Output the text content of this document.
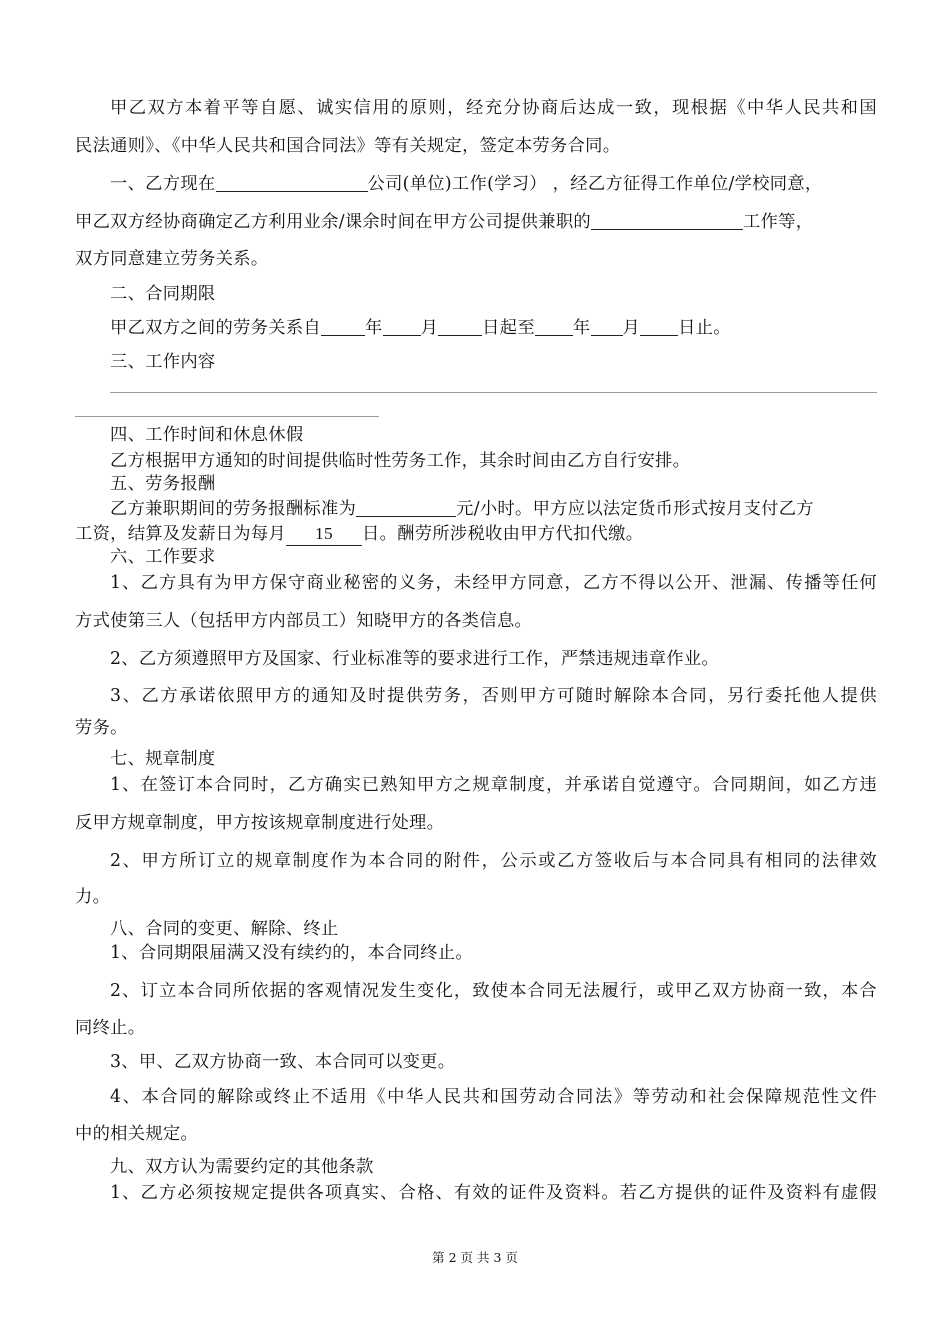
甲乙双方本着平等自愿、诚实信用的原则，经充分协商后达成一致，现根据《中华人民共和国
民法通则》、《中华人民共和国合同法》等有关规定，签定本劳务合同。
一、乙方现在	公司(单位)工作(学习） ，经乙方征得工作单位/学校同意，
甲乙双方经协商确定乙方利用业余/课余时间在甲方公司提供兼职的	工作等，
双方同意建立劳务关系。
二、合同期限
甲乙双方之间的劳务关系自	年 月	日起至 年 月 日止。
三、工作内容
四、工作时间和休息休假
乙方根据甲方通知的时间提供临时性劳务工作，其余时间由乙方自行安排。
五、劳务报酬
乙方兼职期间的劳务报酬标准为	元/小时。甲方应以法定货币形式按月支付乙方
工资，结算及发薪日为每月 15 日。酬劳所涉税收由甲方代扣代缴。
六、工作要求
1、乙方具有为甲方保守商业秘密的义务，未经甲方同意，乙方不得以公开、泄漏、传播等任何
方式使第三人（包括甲方内部员工）知晓甲方的各类信息。
2、乙方须遵照甲方及国家、行业标准等的要求进行工作，严禁违规违章作业。
3、乙方承诺依照甲方的通知及时提供劳务，否则甲方可随时解除本合同，另行委托他人提供
劳务。
七、规章制度
1、在签订本合同时，乙方确实已熟知甲方之规章制度，并承诺自觉遵守。合同期间，如乙方违
反甲方规章制度，甲方按该规章制度进行处理。
2、甲方所订立的规章制度作为本合同的附件，公示或乙方签收后与本合同具有相同的法律效
力。
八、合同的变更、解除、终止
1、合同期限届满又没有续约的，本合同终止。
2、订立本合同所依据的客观情况发生变化，致使本合同无法履行，或甲乙双方协商一致，本合
同终止。
3、甲、乙双方协商一致、本合同可以变更。
4、本合同的解除或终止不适用《中华人民共和国劳动合同法》等劳动和社会保障规范性文件
中的相关规定。
九、双方认为需要约定的其他条款
1、乙方必须按规定提供各项真实、合格、有效的证件及资料。若乙方提供的证件及资料有虚假
第 2 页 共 3 页
